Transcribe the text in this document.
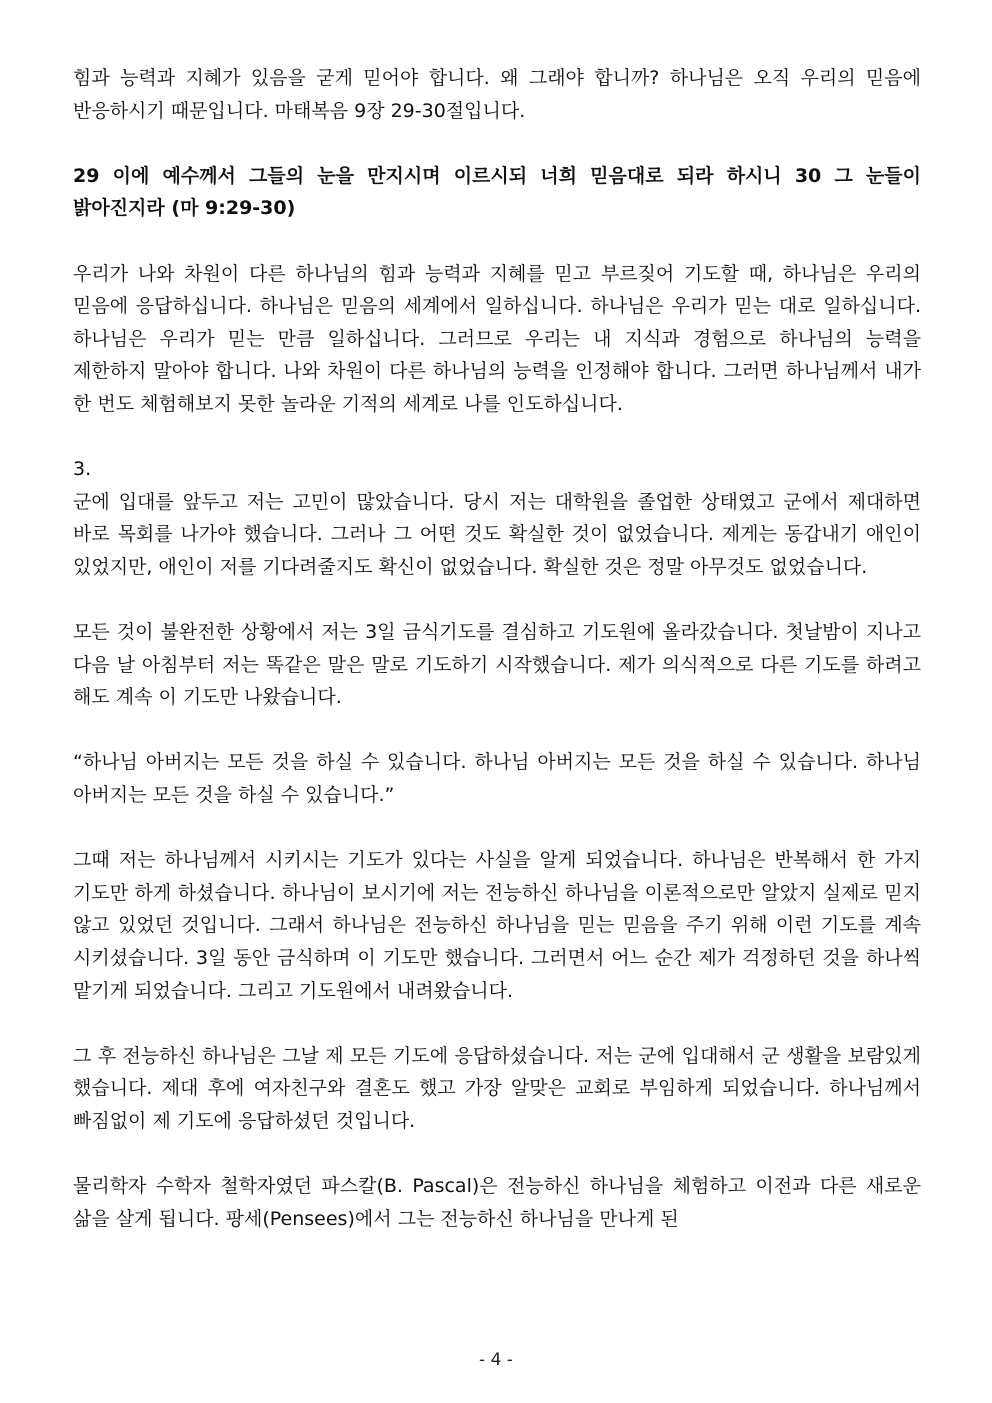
힘과 능력과 지혜가 있음을 굳게 믿어야 합니다. 왜 그래야 합니까? 하나님은 오직 우리의 믿음에 반응하시기 때문입니다. 마태복음 9장 29-30절입니다.

29 이에 예수께서 그들의 눈을 만지시며 이르시되 너희 믿음대로 되라 하시니 30 그 눈들이 밝아진지라 (마 9:29-30)

우리가 나와 차원이 다른 하나님의 힘과 능력과 지혜를 믿고 부르짖어 기도할 때, 하나님은 우리의 믿음에 응답하십니다. 하나님은 믿음의 세계에서 일하십니다. 하나님은 우리가 믿는 대로 일하십니다. 하나님은 우리가 믿는 만큼 일하십니다. 그러므로 우리는 내 지식과 경험으로 하나님의 능력을 제한하지 말아야 합니다. 나와 차원이 다른 하나님의 능력을 인정해야 합니다. 그러면 하나님께서 내가 한 번도 체험해보지 못한 놀라운 기적의 세계로 나를 인도하십니다.

3.

군에 입대를 앞두고 저는 고민이 많았습니다. 당시 저는 대학원을 졸업한 상태였고 군에서 제대하면 바로 목회를 나가야 했습니다. 그러나 그 어떤 것도 확실한 것이 없었습니다. 제게는 동갑내기 애인이 있었지만, 애인이 저를 기다려줄지도 확신이 없었습니다. 확실한 것은 정말 아무것도 없었습니다.

모든 것이 불완전한 상황에서 저는 3일 금식기도를 결심하고 기도원에 올라갔습니다. 첫날밤이 지나고 다음 날 아침부터 저는 똑같은 말은 말로 기도하기 시작했습니다. 제가 의식적으로 다른 기도를 하려고 해도 계속 이 기도만 나왔습니다.

“하나님 아버지는 모든 것을 하실 수 있습니다. 하나님 아버지는 모든 것을 하실 수 있습니다. 하나님 아버지는 모든 것을 하실 수 있습니다.”

그때 저는 하나님께서 시키시는 기도가 있다는 사실을 알게 되었습니다. 하나님은 반복해서 한 가지 기도만 하게 하셨습니다. 하나님이 보시기에 저는 전능하신 하나님을 이론적으로만 알았지 실제로 믿지 않고 있었던 것입니다. 그래서 하나님은 전능하신 하나님을 믿는 믿음을 주기 위해 이런 기도를 계속 시키셨습니다. 3일 동안 금식하며 이 기도만 했습니다. 그러면서 어느 순간 제가 걱정하던 것을 하나씩 맡기게 되었습니다. 그리고 기도원에서 내려왔습니다.

그 후 전능하신 하나님은 그날 제 모든 기도에 응답하셨습니다. 저는 군에 입대해서 군 생활을 보람있게 했습니다. 제대 후에 여자친구와 결혼도 했고 가장 알맞은 교회로 부임하게 되었습니다. 하나님께서 빠짐없이 제 기도에 응답하셨던 것입니다.

물리학자 수학자 철학자였던 파스칼(B. Pascal)은 전능하신 하나님을 체험하고 이전과 다른 새로운 삶을 살게 됩니다. 팡세(Pensees)에서 그는 전능하신 하나님을 만나게 된

- 4 -
